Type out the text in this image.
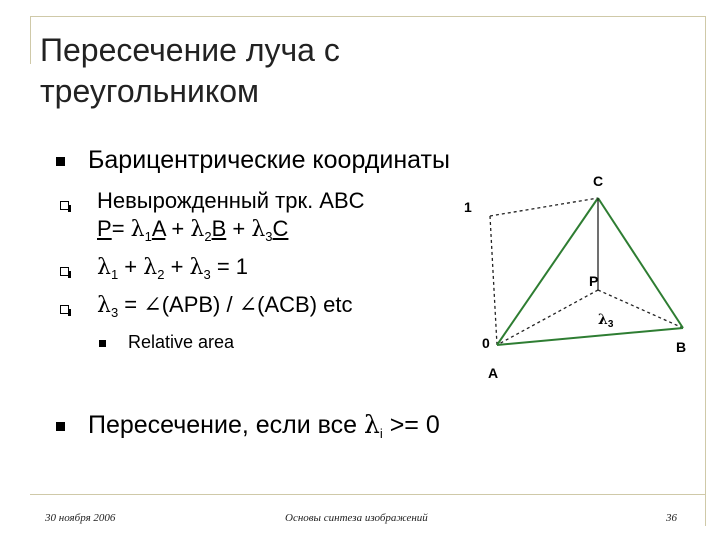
Пересечение луча с треугольником
Барицентрические координаты
Невырожденный трк. ABC
$P= \lambda_1A + \lambda_2B + \lambda_3C$
$\lambda_1 + \lambda_2 + \lambda_3 = 1$
$\lambda_3$ = ∠(APB) / ∠(ACB) etc
Relative area
Пересечение, если все $\lambda_i >= 0$
C
1
P
$\lambda_3$
0	B
A
30 ноября 2006	Основы синтеза изображений	36
